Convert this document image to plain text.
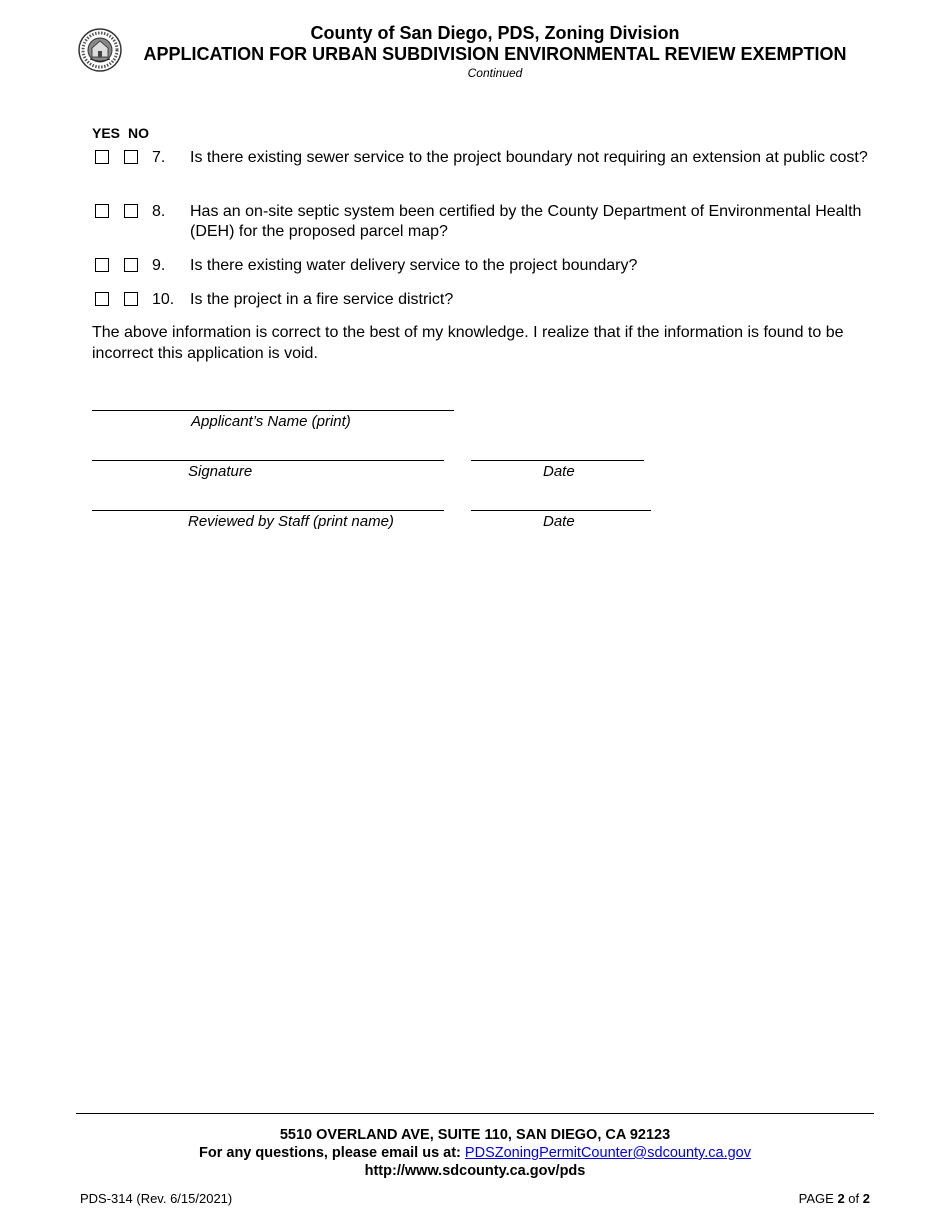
County of San Diego, PDS, Zoning Division
APPLICATION FOR URBAN SUBDIVISION ENVIRONMENTAL REVIEW EXEMPTION
Continued
YES NO
7. Is there existing sewer service to the project boundary not requiring an extension at public cost?
8. Has an on-site septic system been certified by the County Department of Environmental Health (DEH) for the proposed parcel map?
9. Is there existing water delivery service to the project boundary?
10. Is the project in a fire service district?
The above information is correct to the best of my knowledge. I realize that if the information is found to be incorrect this application is void.
Applicant’s Name (print)
Signature	Date
Reviewed by Staff (print name)	Date
5510 OVERLAND AVE, SUITE 110, SAN DIEGO, CA 92123
For any questions, please email us at: PDSZoningPermitCounter@sdcounty.ca.gov
http://www.sdcounty.ca.gov/pds
PDS-314 (Rev. 6/15/2021)	PAGE 2 of 2
